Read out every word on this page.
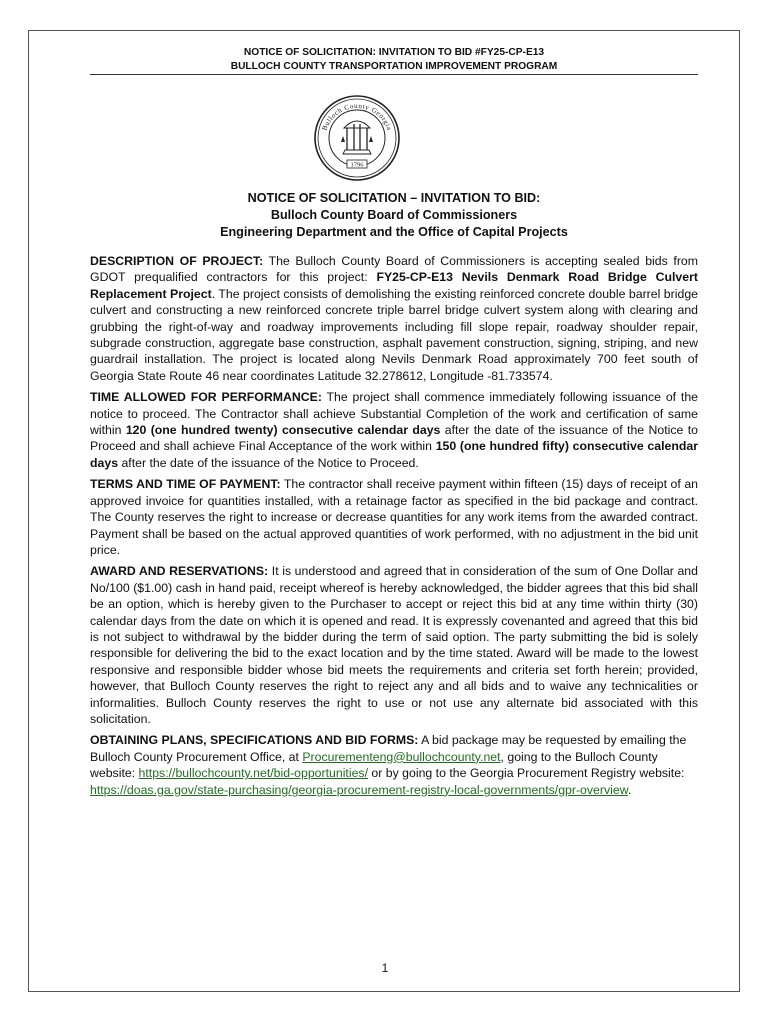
NOTICE OF SOLICITATION: INVITATION TO BID #FY25-CP-E13
BULLOCH COUNTY TRANSPORTATION IMPROVEMENT PROGRAM
Bulloch County Georgia
1796
NOTICE OF SOLICITATION – INVITATION TO BID:
Bulloch County Board of Commissioners
Engineering Department and the Office of Capital Projects

DESCRIPTION OF PROJECT: The Bulloch County Board of Commissioners is accepting sealed bids from GDOT prequalified contractors for this project: FY25-CP-E13 Nevils Denmark Road Bridge Culvert Replacement Project. The project consists of demolishing the existing reinforced concrete double barrel bridge culvert and constructing a new reinforced concrete triple barrel bridge culvert system along with clearing and grubbing the right-of-way and roadway improvements including fill slope repair, roadway shoulder repair, subgrade construction, aggregate base construction, asphalt pavement construction, signing, striping, and new guardrail installation. The project is located along Nevils Denmark Road approximately 700 feet south of Georgia State Route 46 near coordinates Latitude 32.278612, Longitude -81.733574.

TIME ALLOWED FOR PERFORMANCE: The project shall commence immediately following issuance of the notice to proceed. The Contractor shall achieve Substantial Completion of the work and certification of same within 120 (one hundred twenty) consecutive calendar days after the date of the issuance of the Notice to Proceed and shall achieve Final Acceptance of the work within 150 (one hundred fifty) consecutive calendar days after the date of the issuance of the Notice to Proceed.

TERMS AND TIME OF PAYMENT: The contractor shall receive payment within fifteen (15) days of receipt of an approved invoice for quantities installed, with a retainage factor as specified in the bid package and contract. The County reserves the right to increase or decrease quantities for any work items from the awarded contract. Payment shall be based on the actual approved quantities of work performed, with no adjustment in the bid unit price.

AWARD AND RESERVATIONS: It is understood and agreed that in consideration of the sum of One Dollar and No/100 ($1.00) cash in hand paid, receipt whereof is hereby acknowledged, the bidder agrees that this bid shall be an option, which is hereby given to the Purchaser to accept or reject this bid at any time within thirty (30) calendar days from the date on which it is opened and read. It is expressly covenanted and agreed that this bid is not subject to withdrawal by the bidder during the term of said option. The party submitting the bid is solely responsible for delivering the bid to the exact location and by the time stated. Award will be made to the lowest responsive and responsible bidder whose bid meets the requirements and criteria set forth herein; provided, however, that Bulloch County reserves the right to reject any and all bids and to waive any technicalities or informalities. Bulloch County reserves the right to use or not use any alternate bid associated with this solicitation.

OBTAINING PLANS, SPECIFICATIONS AND BID FORMS: A bid package may be requested by emailing the Bulloch County Procurement Office, at Procurementeng@bullochcounty.net, going to the Bulloch County website: https://bullochcounty.net/bid-opportunities/ or by going to the Georgia Procurement Registry website: https://doas.ga.gov/state-purchasing/georgia-procurement-registry-local-governments/gpr-overview.

1
